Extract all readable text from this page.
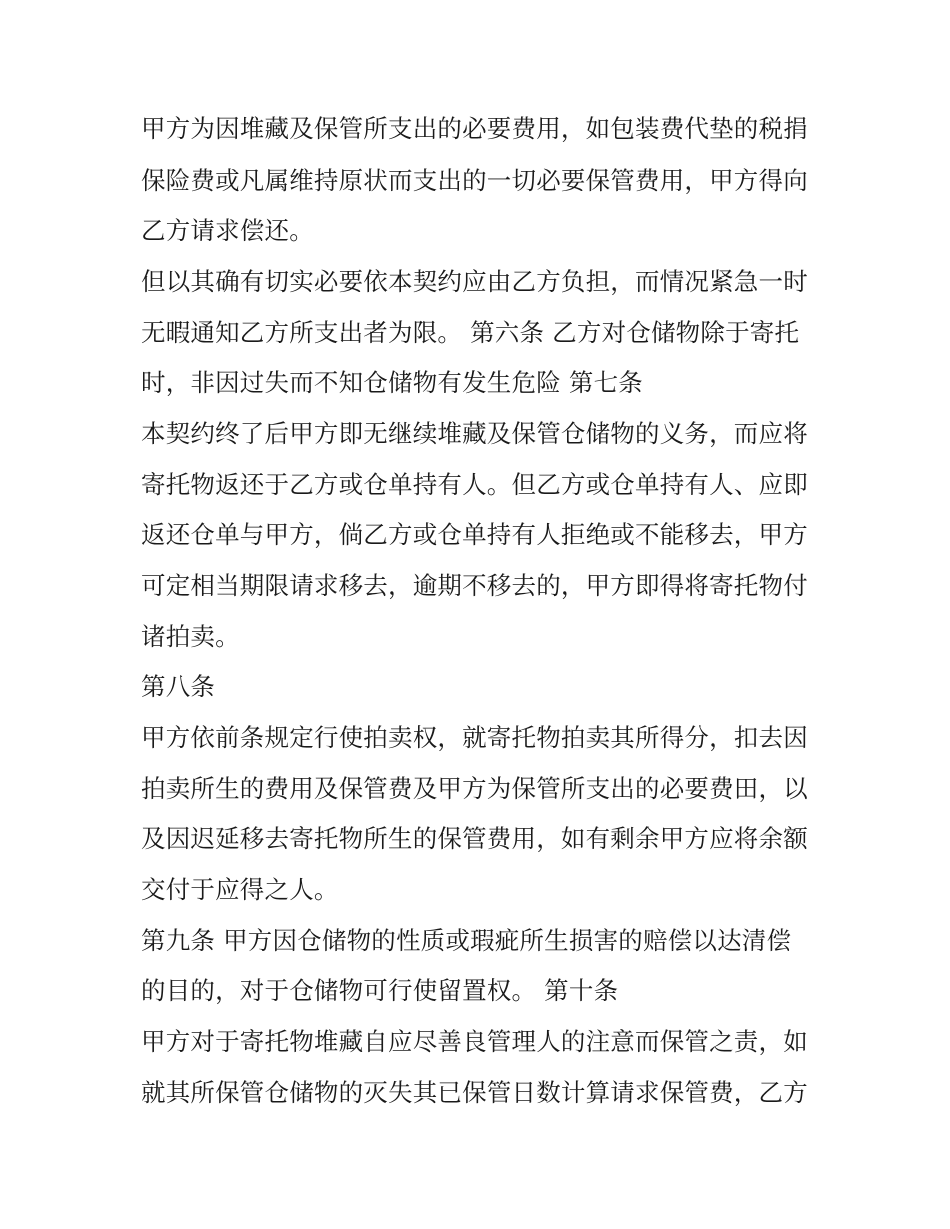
甲方为因堆藏及保管所支出的必要费用，如包装费代垫的税捐
保险费或凡属维持原状而支出的一切必要保管费用，甲方得向
乙方请求偿还。
但以其确有切实必要依本契约应由乙方负担，而情况紧急一时
无暇通知乙方所支出者为限。 第六条 乙方对仓储物除于寄托
时，非因过失而不知仓储物有发生危险 第七条
本契约终了后甲方即无继续堆藏及保管仓储物的义务，而应将
寄托物返还于乙方或仓单持有人。但乙方或仓单持有人、应即
返还仓单与甲方，倘乙方或仓单持有人拒绝或不能移去，甲方
可定相当期限请求移去，逾期不移去的，甲方即得将寄托物付
诸拍卖。
第八条
甲方依前条规定行使拍卖权，就寄托物拍卖其所得分，扣去因
拍卖所生的费用及保管费及甲方为保管所支出的必要费田，以
及因迟延移去寄托物所生的保管费用，如有剩余甲方应将余额
交付于应得之人。
第九条 甲方因仓储物的性质或瑕疵所生损害的赔偿以达清偿
的目的，对于仓储物可行使留置权。 第十条
甲方对于寄托物堆藏自应尽善良管理人的注意而保管之责，如
就其所保管仓储物的灭失其已保管日数计算请求保管费，乙方
